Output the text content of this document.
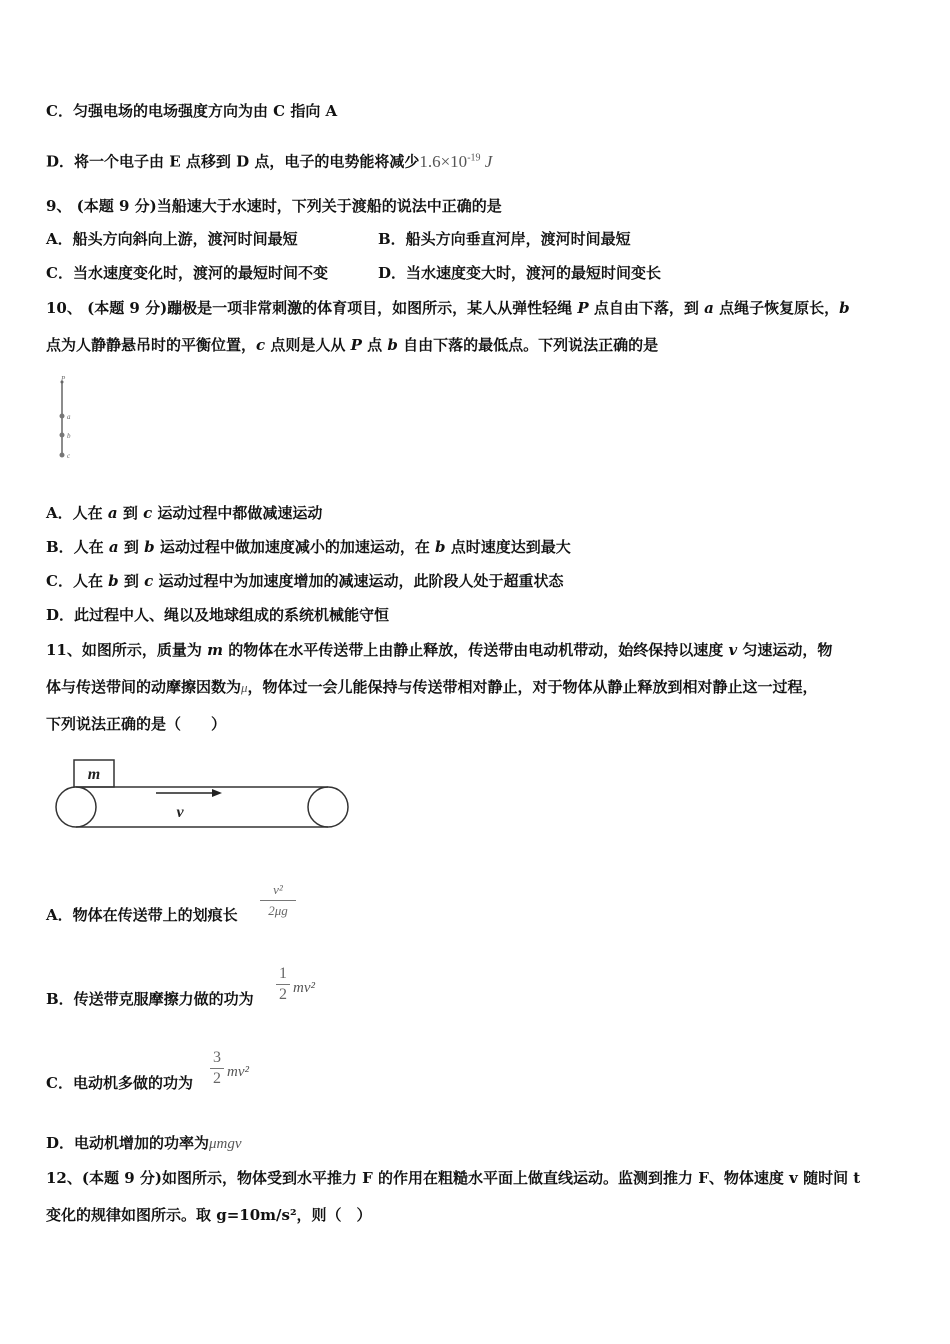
C．匀强电场的电场强度方向为由 C 指向 A
D．将一个电子由 E 点移到 D 点，电子的电势能将减少$1.6\times 10^{-19}$ J
9、 (本题 9 分)当船速大于水速时，下列关于渡船的说法中正确的是
A．船头方向斜向上游，渡河时间最短	B．船头方向垂直河岸，渡河时间最短
C．当水速度变化时，渡河的最短时间不变	D．当水速度变大时，渡河的最短时间变长
10、 (本题 9 分)蹦极是一项非常刺激的体育项目，如图所示，某人从弹性轻绳 P 点自由下落，到 a 点绳子恢复原长，b
点为人静静悬吊时的平衡位置，c 点则是人从 P 点 b 自由下落的最低点。下列说法正确的是
P
a
b
c
A．人在 a 到 c 运动过程中都做减速运动
B．人在 a 到 b 运动过程中做加速度减小的加速运动，在 b 点时速度达到最大
C．人在 b 到 c 运动过程中为加速度增加的减速运动，此阶段人处于超重状态
D．此过程中人、绳以及地球组成的系统机械能守恒
11、如图所示，质量为 m 的物体在水平传送带上由静止释放，传送带由电动机带动，始终保持以速度 v 匀速运动，物
体与传送带间的动摩擦因数为μ，物体过一会儿能保持与传送带相对静止，对于物体从静止释放到相对静止这一过程，
下列说法正确的是（　　）
m
v
A．物体在传送带上的划痕长
v²
2μg
B．传送带克服摩擦力做的功为
1
2 mv²
C．电动机多做的功为
3
2 mv²
D．电动机增加的功率为μmgv
12、(本题 9 分)如图所示，物体受到水平推力 F 的作用在粗糙水平面上做直线运动。监测到推力 F、物体速度 v 随时间 t
变化的规律如图所示。取 g=10m/s²，则（　）
